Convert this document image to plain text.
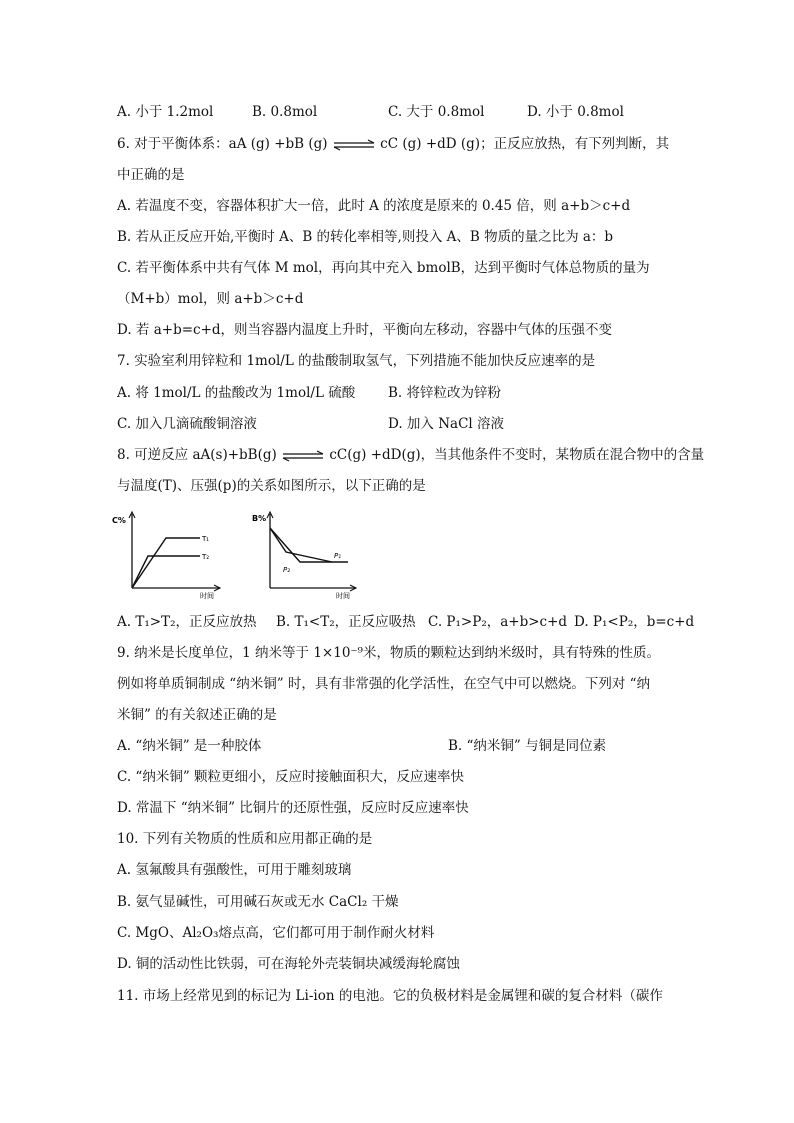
A. 小于 1.2mol	B. 0.8mol	C. 大于 0.8mol	D. 小于 0.8mol
6. 对于平衡体系：aA (g) +bB (g) ⇌ cC (g) +dD (g)；正反应放热，有下列判断，其
中正确的是
A. 若温度不变，容器体积扩大一倍，此时 A 的浓度是原来的 0.45 倍，则 a+b＞c+d
B. 若从正反应开始,平衡时 A、B 的转化率相等,则投入 A、B 物质的量之比为 a：b
C. 若平衡体系中共有气体 M mol，再向其中充入 bmolB，达到平衡时气体总物质的量为
（M+b）mol，则 a+b＞c+d
D. 若 a+b=c+d，则当容器内温度上升时，平衡向左移动，容器中气体的压强不变
7. 实验室利用锌粒和 1mol/L 的盐酸制取氢气，下列措施不能加快反应速率的是
A. 将 1mol/L 的盐酸改为 1mol/L 硫酸 B. 将锌粒改为锌粉
C. 加入几滴硫酸铜溶液	D. 加入 NaCl 溶液
8. 可逆反应 aA(s)+bB(g) ⇌ cC(g) +dD(g)，当其他条件不变时，某物质在混合物中的含量
与温度(T)、压强(p)的关系如图所示，以下正确的是
C%
T₁
T₂
时间
B%
P₁
P₂
时间
A. T₁>T₂，正反应放热 B. T₁<T₂，正反应吸热 C. P₁>P₂，a+b>c+d D. P₁<P₂，b=c+d
9. 纳米是长度单位，1 纳米等于 1×10⁻⁹米，物质的颗粒达到纳米级时，具有特殊的性质。
例如将单质铜制成 “纳米铜” 时，具有非常强的化学活性，在空气中可以燃烧。下列对 “纳
米铜” 的有关叙述正确的是
A. “纳米铜” 是一种胶体	B. “纳米铜” 与铜是同位素
C. “纳米铜” 颗粒更细小，反应时接触面积大，反应速率快
D. 常温下 “纳米铜” 比铜片的还原性强，反应时反应速率快
10. 下列有关物质的性质和应用都正确的是
A. 氢氟酸具有强酸性，可用于雕刻玻璃
B. 氨气显碱性，可用碱石灰或无水 CaCl₂ 干燥
C. MgO、Al₂O₃熔点高，它们都可用于制作耐火材料
D. 铜的活动性比铁弱，可在海轮外壳装铜块减缓海轮腐蚀
11. 市场上经常见到的标记为 Li-ion 的电池。它的负极材料是金属锂和碳的复合材料（碳作
